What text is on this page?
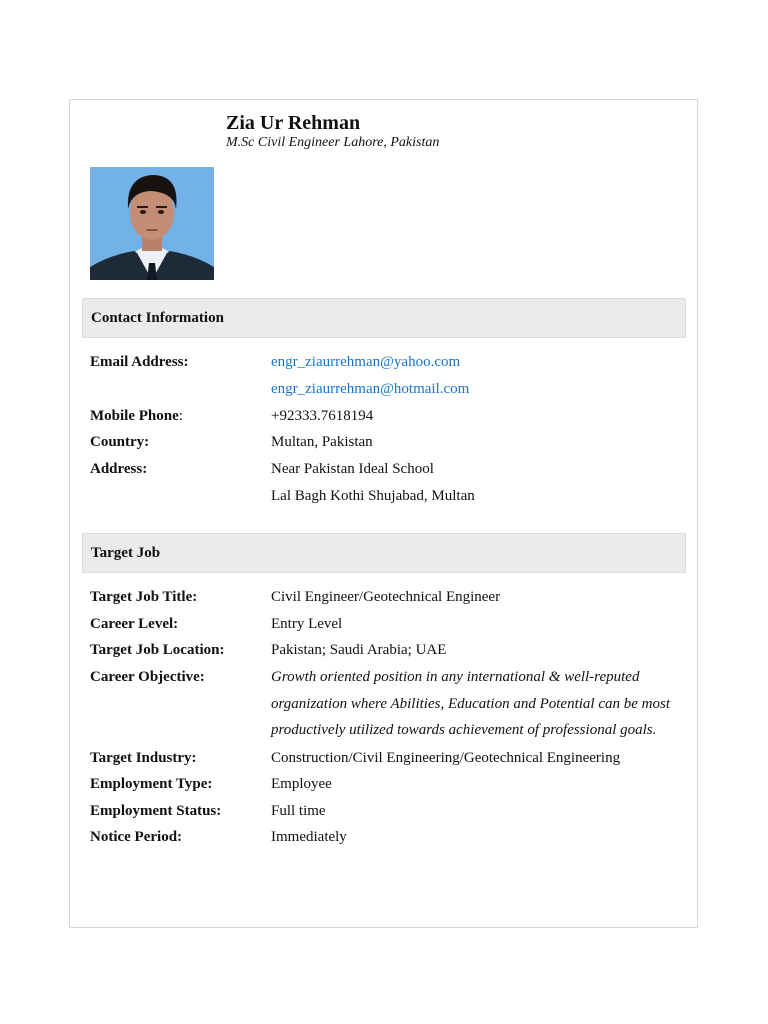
Zia Ur Rehman
M.Sc Civil Engineer Lahore, Pakistan
Contact Information
Email Address:	engr_ziaurrehman@yahoo.com
engr_ziaurrehman@hotmail.com
Mobile Phone:	+92333.7618194
Country:	Multan, Pakistan
Address:	Near Pakistan Ideal School
Lal Bagh Kothi Shujabad, Multan
Target Job
Target Job Title:	Civil Engineer/Geotechnical Engineer
Career Level:	Entry Level
Target Job Location:	Pakistan; Saudi Arabia; UAE
Career Objective:	Growth oriented position in any international & well-reputed
organization where Abilities, Education and Potential can be most
productively utilized towards achievement of professional goals.
Target Industry:	Construction/Civil Engineering/Geotechnical Engineering
Employment Type:	Employee
Employment Status:	Full time
Notice Period:	Immediately
